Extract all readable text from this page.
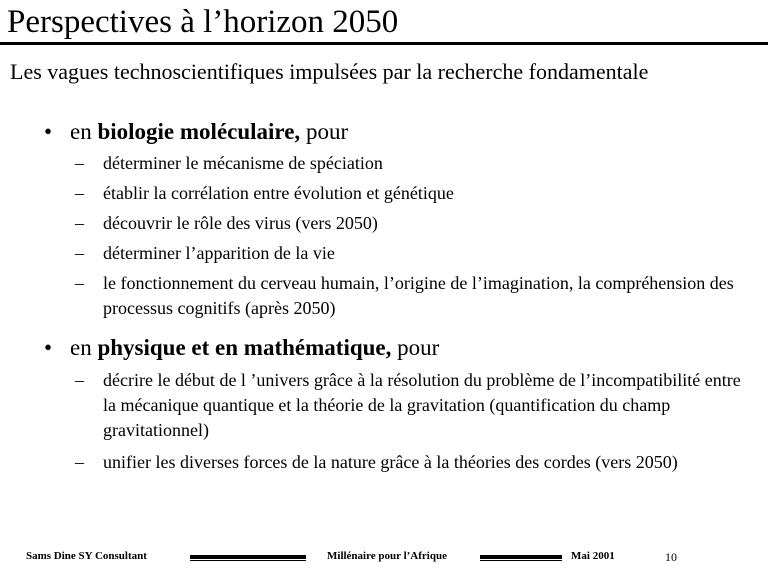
Perspectives à l’horizon 2050
Les vagues technoscientifiques impulsées par la recherche fondamentale
• en biologie moléculaire, pour
– déterminer le mécanisme de spéciation
– établir la corrélation entre évolution et génétique
– découvrir le rôle des virus (vers 2050)
– déterminer l’apparition de la vie
– le fonctionnement du cerveau humain, l’origine de l’imagination, la compréhension des processus cognitifs (après 2050)
• en physique et en mathématique, pour
– décrire le début de l ’univers grâce à la résolution du problème de l’incompatibilité entre la mécanique quantique et la théorie de la gravitation (quantification du champ gravitationnel)
– unifier les diverses forces de la nature grâce à la théories des cordes (vers 2050)
Sams Dine SY Consultant	Millénaire pour l’Afrique	Mai 2001	10
